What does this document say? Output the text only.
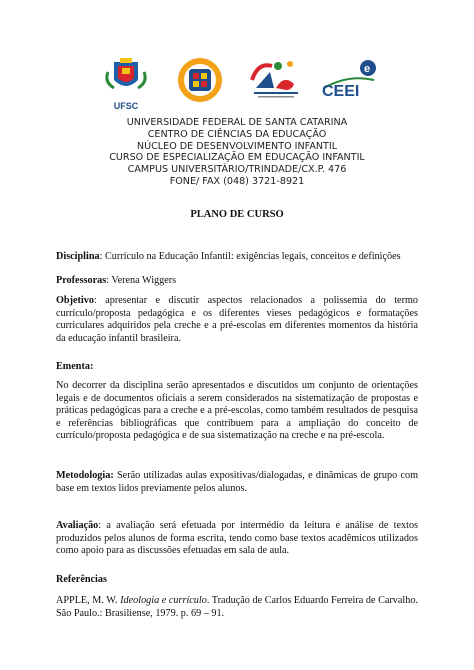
UFSC
e
CEEI
UNIVERSIDADE FEDERAL DE SANTA CATARINA
CENTRO DE CIÊNCIAS DA EDUCAÇÃO
NÚCLEO DE DESENVOLVIMENTO INFANTIL
CURSO DE ESPECIALIZAÇÃO EM EDUCAÇÃO INFANTIL
CAMPUS UNIVERSITÁRIO/TRINDADE/CX.P. 476
FONE/ FAX (048) 3721-8921
PLANO DE CURSO
Disciplina: Currículo na Educação Infantil: exigências legais, conceitos e definições
Professoras: Verena Wiggers
Objetivo: apresentar e discutir aspectos relacionados a polissemia do termo currículo/proposta pedagógica e os diferentes vieses pedagógicos e formatações curriculares adquiridos pela creche e a pré-escolas em diferentes momentos da história da educação infantil brasileira.
Ementa:
No decorrer da disciplina serão apresentados e discutidos um conjunto de orientações legais e de documentos oficiais a serem considerados na sistematização de propostas e práticas pedagógicas para a creche e a pré-escolas, como também resultados de pesquisa e referências bibliográficas que contribuem para a ampliação do conceito de currículo/proposta pedagógica e de sua sistematização na creche e na pré-escola.
Metodologia: Serão utilizadas aulas expositivas/dialogadas, e dinâmicas de grupo com base em textos lidos previamente pelos alunos.
Avaliação: a avaliação será efetuada por intermédio da leitura e análise de textos produzidos pelos alunos de forma escrita, tendo como base textos acadêmicos utilizados como apoio para as discussões efetuadas em sala de aula.
Referências
APPLE, M. W. Ideologia e currículo. Tradução de Carlos Eduardo Ferreira de Carvalho. São Paulo.: Brasiliense, 1979. p. 69 – 91.
